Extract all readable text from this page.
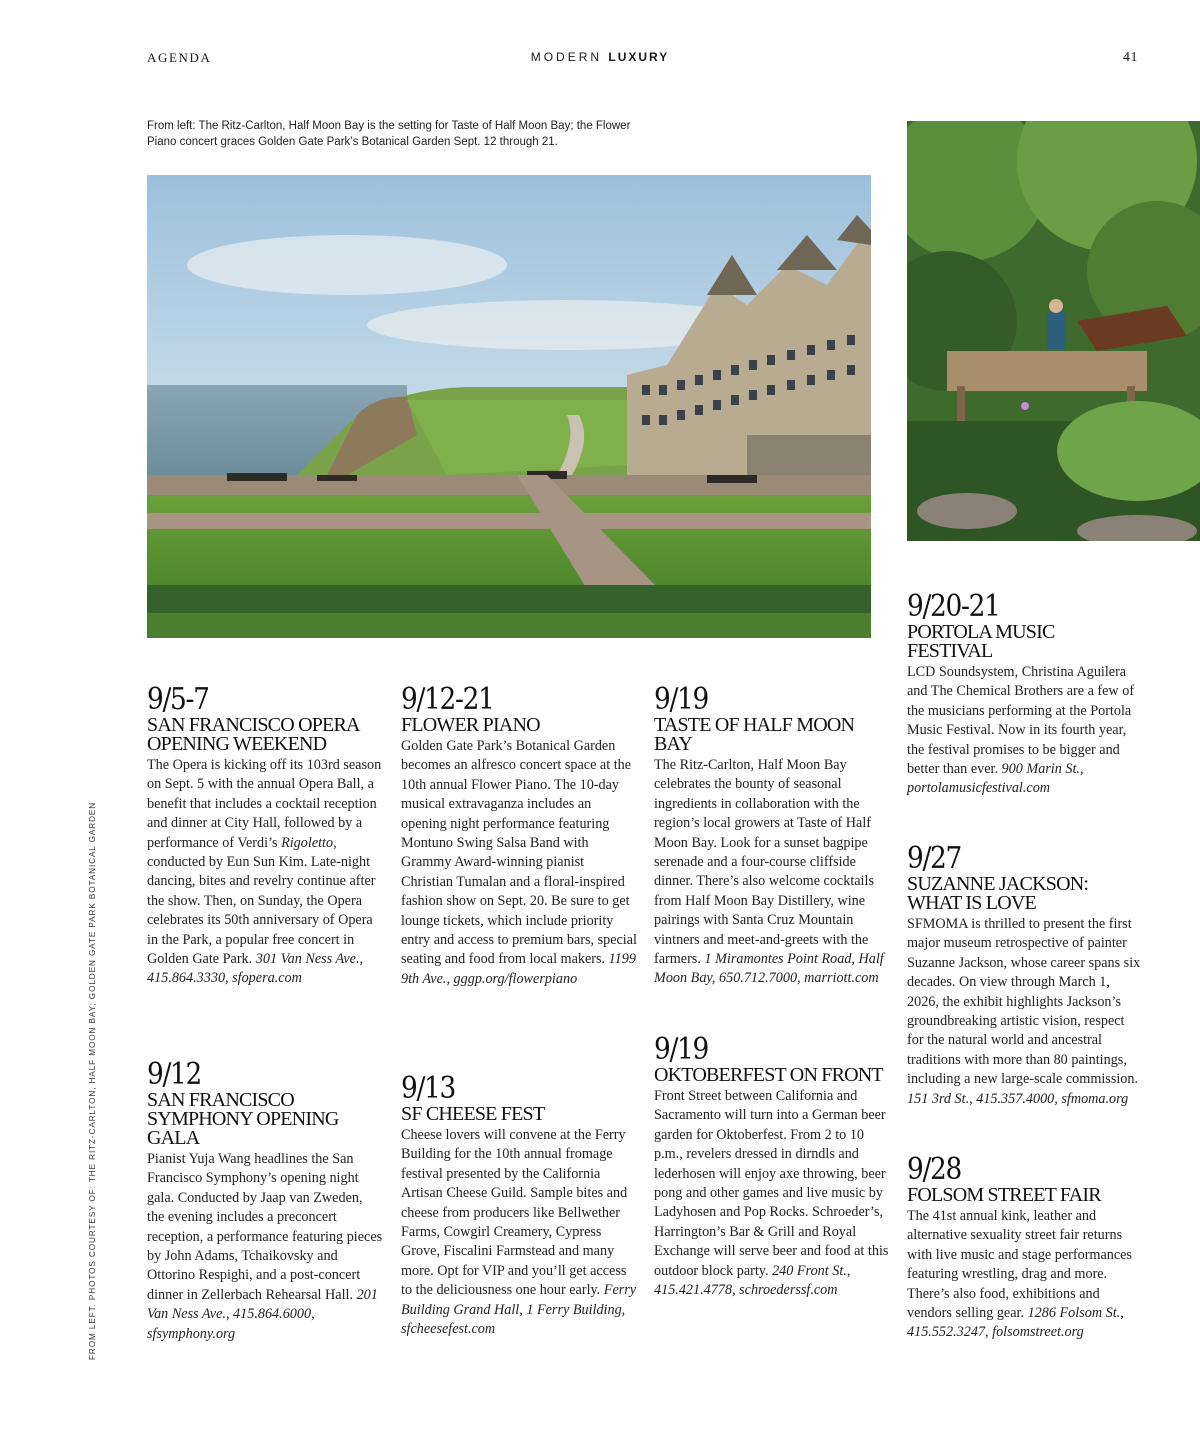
AGENDA	MODERN LUXURY	41
From left: The Ritz-Carlton, Half Moon Bay is the setting for Taste of Half Moon Bay; the Flower Piano concert graces Golden Gate Park’s Botanical Garden Sept. 12 through 21.
FROM LEFT. PHOTOS COURTESY OF: THE RITZ-CARLTON, HALF MOON BAY; GOLDEN GATE PARK BOTANICAL GARDEN
9/5-7
SAN FRANCISCO OPERA OPENING WEEKEND

The Opera is kicking off its 103rd season on Sept. 5 with the annual Opera Ball, a benefit that includes a cocktail reception and dinner at City Hall, followed by a performance of Verdi’s Rigoletto, conducted by Eun Sun Kim. Late-night dancing, bites and revelry continue after the show. Then, on Sunday, the Opera celebrates its 50th anniversary of Opera in the Park, a popular free concert in Golden Gate Park. 301 Van Ness Ave., 415.864.3330, sfopera.com

9/12
SAN FRANCISCO SYMPHONY OPENING GALA

Pianist Yuja Wang headlines the San Francisco Symphony’s opening night gala. Conducted by Jaap van Zweden, the evening includes a preconcert reception, a performance featuring pieces by John Adams, Tchaikovsky and Ottorino Respighi, and a post-concert dinner in Zellerbach Rehearsal Hall. 201 Van Ness Ave., 415.864.6000, sfsymphony.org

9/12-21
FLOWER PIANO

Golden Gate Park’s Botanical Garden becomes an alfresco concert space at the 10th annual Flower Piano. The 10-day musical extravaganza includes an opening night performance featuring Montuno Swing Salsa Band with Grammy Award-winning pianist Christian Tumalan and a floral-inspired fashion show on Sept. 20. Be sure to get lounge tickets, which include priority entry and access to premium bars, special seating and food from local makers. 1199 9th Ave., gggp.org/flowerpiano

9/13
SF CHEESE FEST

Cheese lovers will convene at the Ferry Building for the 10th annual fromage festival presented by the California Artisan Cheese Guild. Sample bites and cheese from producers like Bellwether Farms, Cowgirl Creamery, Cypress Grove, Fiscalini Farmstead and many more. Opt for VIP and you’ll get access to the deliciousness one hour early. Ferry Building Grand Hall, 1 Ferry Building, sfcheesefest.com

9/19
TASTE OF HALF MOON BAY

The Ritz-Carlton, Half Moon Bay celebrates the bounty of seasonal ingredients in collaboration with the region’s local growers at Taste of Half Moon Bay. Look for a sunset bagpipe serenade and a four-course cliffside dinner. There’s also welcome cocktails from Half Moon Bay Distillery, wine pairings with Santa Cruz Mountain vintners and meet-and-greets with the farmers. 1 Miramontes Point Road, Half Moon Bay, 650.712.7000, marriott.com

9/19
OKTOBERFEST ON FRONT

Front Street between California and Sacramento will turn into a German beer garden for Oktoberfest. From 2 to 10 p.m., revelers dressed in dirndls and lederhosen will enjoy axe throwing, beer pong and other games and live music by Ladyhosen and Pop Rocks. Schroeder’s, Harrington’s Bar & Grill and Royal Exchange will serve beer and food at this outdoor block party. 240 Front St., 415.421.4778, schroederssf.com

9/20-21
PORTOLA MUSIC FESTIVAL

LCD Soundsystem, Christina Aguilera and The Chemical Brothers are a few of the musicians performing at the Portola Music Festival. Now in its fourth year, the festival promises to be bigger and better than ever. 900 Marin St., portolamusicfestival.com

9/27
SUZANNE JACKSON: WHAT IS LOVE

SFMOMA is thrilled to present the first major museum retrospective of painter Suzanne Jackson, whose career spans six decades. On view through March 1, 2026, the exhibit highlights Jackson’s groundbreaking artistic vision, respect for the natural world and ancestral traditions with more than 80 paintings, including a new large-scale commission. 151 3rd St., 415.357.4000, sfmoma.org

9/28
FOLSOM STREET FAIR

The 41st annual kink, leather and alternative sexuality street fair returns with live music and stage performances featuring wrestling, drag and more. There’s also food, exhibitions and vendors selling gear. 1286 Folsom St., 415.552.3247, folsomstreet.org
